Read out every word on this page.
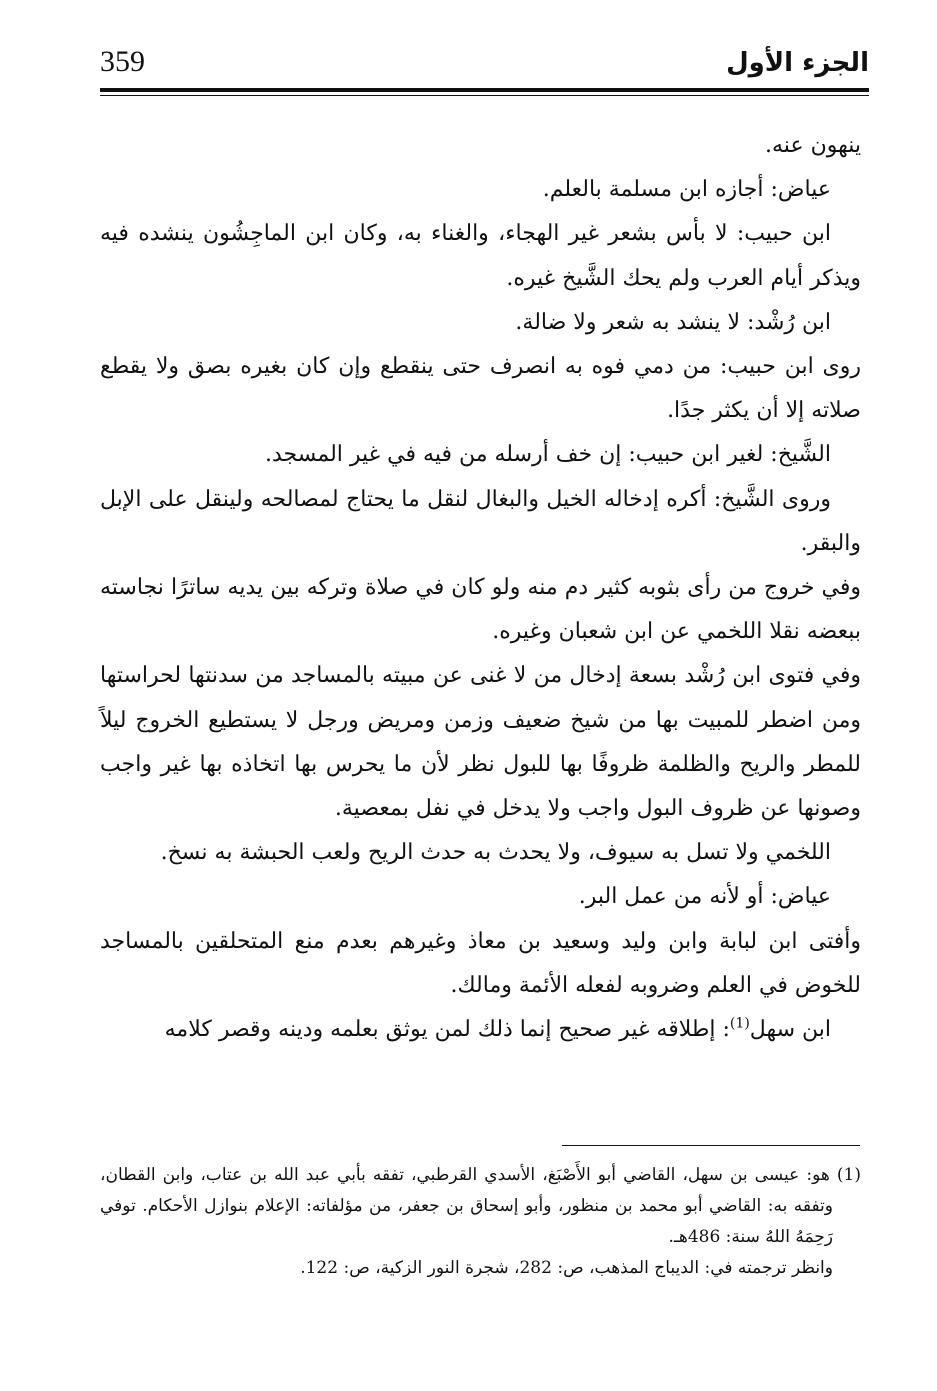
359	الجزء الأول

ينهون عنه.

عياض: أجازه ابن مسلمة بالعلم.

ابن حبيب: لا بأس بشعر غير الهجاء، والغناء به، وكان ابن الماجِشُون ينشده فيه ويذكر أيام العرب ولم يحك الشَّيخ غيره.

ابن رُشْد: لا ينشد به شعر ولا ضالة.

روى ابن حبيب: من دمي فوه به انصرف حتى ينقطع وإن كان بغيره بصق ولا يقطع صلاته إلا أن يكثر جدًا.

الشَّيخ: لغير ابن حبيب: إن خف أرسله من فيه في غير المسجد.

وروى الشَّيخ: أكره إدخاله الخيل والبغال لنقل ما يحتاج لمصالحه ولينقل على الإبل والبقر.

وفي خروج من رأى بثوبه كثير دم منه ولو كان في صلاة وتركه بين يديه ساترًا نجاسته ببعضه نقلا اللخمي عن ابن شعبان وغيره.

وفي فتوى ابن رُشْد بسعة إدخال من لا غنى عن مبيته بالمساجد من سدنتها لحراستها ومن اضطر للمبيت بها من شيخ ضعيف وزمن ومريض ورجل لا يستطيع الخروج ليلاً للمطر والريح والظلمة ظروفًا بها للبول نظر لأن ما يحرس بها اتخاذه بها غير واجب وصونها عن ظروف البول واجب ولا يدخل في نفل بمعصية.

اللخمي ولا تسل به سيوف، ولا يحدث به حدث الريح ولعب الحبشة به نسخ.

عياض: أو لأنه من عمل البر.

وأفتى ابن لبابة وابن وليد وسعيد بن معاذ وغيرهم بعدم منع المتحلقين بالمساجد للخوض في العلم وضروبه لفعله الأئمة ومالك.

ابن سهل$^{(1)}$: إطلاقه غير صحيح إنما ذلك لمن يوثق بعلمه ودينه وقصر كلامه

(1) هو: عيسى بن سهل، القاضي أبو الأَصْبَغ، الأسدي القرطبي، تفقه بأبي عبد الله بن عتاب، وابن القطان، وتفقه به: القاضي أبو محمد بن منظور، وأبو إسحاق بن جعفر، من مؤلفاته: الإعلام بنوازل الأحكام. توفي رَحِمَهُ اللهُ سنة: 486هـ.

وانظر ترجمته في: الديباج المذهب، ص: 282، شجرة النور الزكية، ص: 122.
